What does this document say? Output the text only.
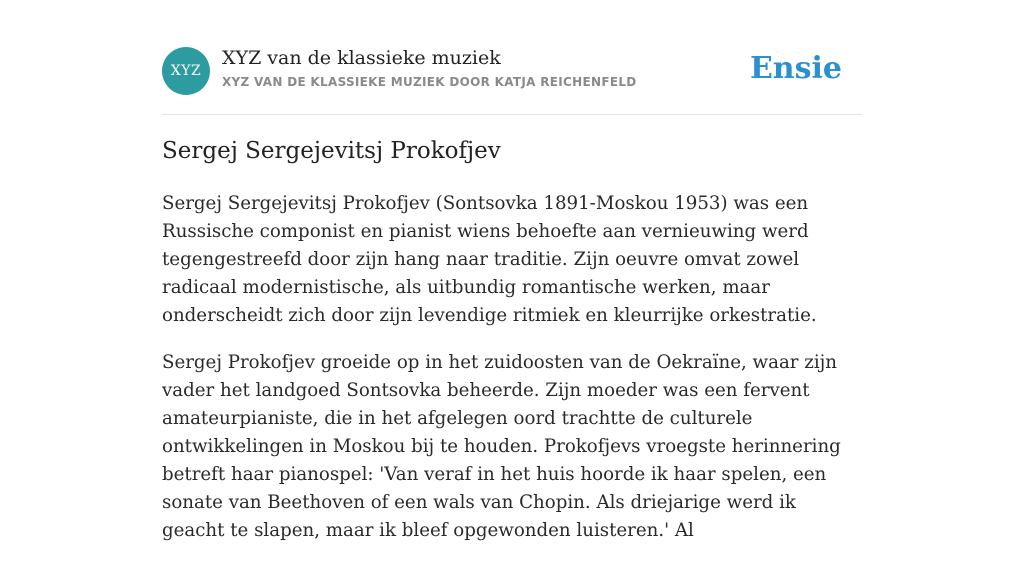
XYZ
XYZ van de klassieke muziek
XYZ VAN DE KLASSIEKE MUZIEK DOOR KATJA REICHENFELD	Ensie
Sergej Sergejevitsj Prokofjev

Sergej Sergejevitsj Prokofjev (Sontsovka 1891-Moskou 1953) was een Russische componist en pianist wiens behoefte aan vernieuwing werd tegengestreefd door zijn hang naar traditie. Zijn oeuvre omvat zowel radicaal modernistische, als uitbundig romantische werken, maar onderscheidt zich door zijn levendige ritmiek en kleurrijke orkestratie.

Sergej Prokofjev groeide op in het zuidoosten van de Oekraïne, waar zijn vader het landgoed Sontsovka beheerde. Zijn moeder was een fervent amateurpianiste, die in het afgelegen oord trachtte de culturele ontwikkelingen in Moskou bij te houden. Prokofjevs vroegste herinnering betreft haar pianospel: 'Van veraf in het huis hoorde ik haar spelen, een sonate van Beethoven of een wals van Chopin. Als driejarige werd ik geacht te slapen, maar ik bleef opgewonden luisteren.' Al
